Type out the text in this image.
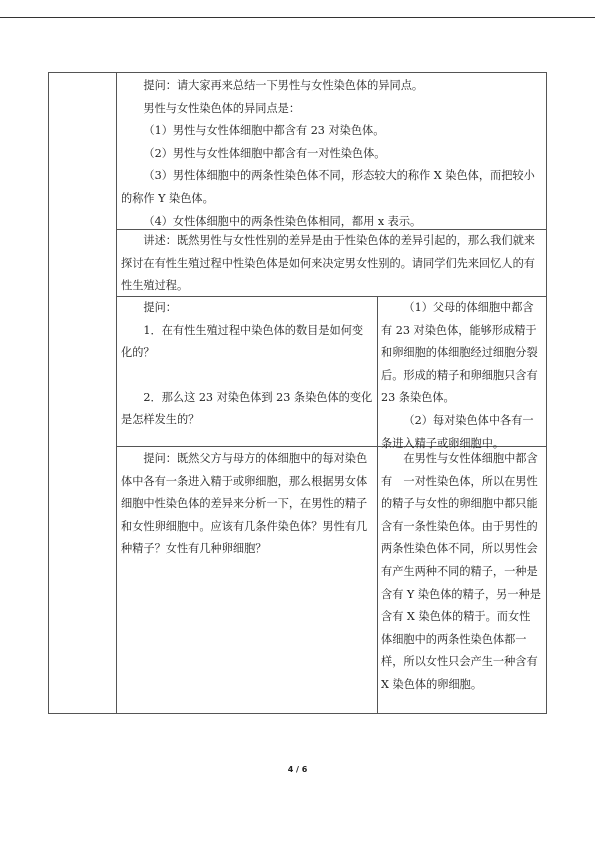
提问：请大家再来总结一下男性与女性染色体的异同点。

男性与女性染色体的异同点是：

（1）男性与女性体细胞中都含有 23 对染色体。

（2）男性与女性体细胞中都含有一对性染色体。

（3）男性体细胞中的两条性染色体不同，形态较大的称作 X 染色体，而把较小的称作 Y 染色体。

（4）女性体细胞中的两条性染色体相同，都用 x 表示。

讲述：既然男性与女性性别的差异是由于性染色体的差异引起的，那么我们就来探讨在有性生殖过程中性染色体是如何来决定男女性别的。请同学们先来回忆人的有性生殖过程。

提问：

1．在有性生殖过程中染色体的数目是如何变化的？

2．那么这 23 对染色体到 23 条染色体的变化是怎样发生的？

（1）父母的体细胞中都含有 23 对染色体，能够形成精于和卵细胞的体细胞经过细胞分裂后。形成的精子和卵细胞只含有 23 条染色体。

（2）每对染色体中各有一条进入精子或卵细胞中。

提问：既然父方与母方的体细胞中的每对染色体中各有一条进入精于或卵细胞，那么根据男女体细胞中性染色体的差异来分析一下，在男性的精子和女性卵细胞中。应该有几条件染色体？男性有几种精子？女性有几种卵细胞？

在男性与女性体细胞中都含有　一对性染色体，所以在男性的精子与女性的卵细胞中都只能含有一条性染色体。由于男性的两条性染色体不同，所以男性会有产生两种不同的精子，一种是含有 Y 染色体的精子，另一种是含有 X 染色体的精于。而女性体细胞中的两条性染色体都一样，所以女性只会产生一种含有 X 染色体的卵细胞。

4 / 6
